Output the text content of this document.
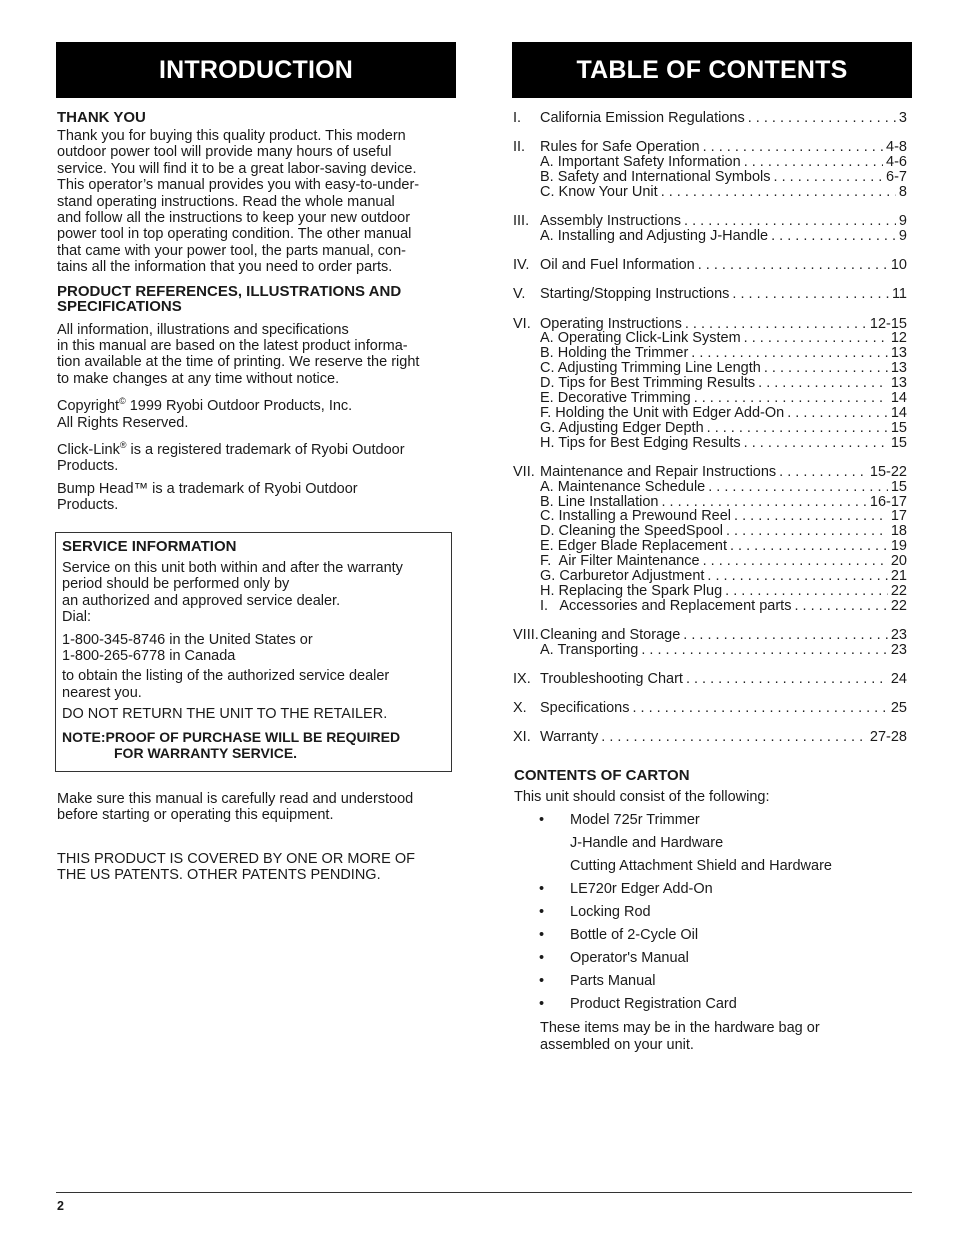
INTRODUCTION	TABLE OF CONTENTS
THANK YOU
Thank you for buying this quality product. This modern
outdoor power tool will provide many hours of useful
service. You will find it to be a great labor-saving device.
This operator’s manual provides you with easy-to-under-
stand operating instructions. Read the whole manual
and follow all the instructions to keep your new outdoor
power tool in top operating condition. The other manual
that came with your power tool, the parts manual, con-
tains all the information that you need to order parts.
PRODUCT REFERENCES, ILLUSTRATIONS AND
SPECIFICATIONS
All information, illustrations and specifications
in this manual are based on the latest product informa-
tion available at the time of printing. We reserve the right
to make changes at any time without notice.
Copyright© 1999 Ryobi Outdoor Products, Inc.
All Rights Reserved.
Click-Link® is a registered trademark of Ryobi Outdoor
Products.
Bump Head™ is a trademark of Ryobi Outdoor
Products.
SERVICE INFORMATION
Service on this unit both within and after the warranty
period should be performed only by
an authorized and approved service dealer.
Dial:
1-800-345-8746 in the United States or
1-800-265-6778 in Canada
to obtain the listing of the authorized service dealer
nearest you.
DO NOT RETURN THE UNIT TO THE RETAILER.
NOTE:PROOF OF PURCHASE WILL BE REQUIRED
FOR WARRANTY SERVICE.
Make sure this manual is carefully read and understood
before starting or operating this equipment.
THIS PRODUCT IS COVERED BY ONE OR MORE OF
THE US PATENTS. OTHER PATENTS PENDING.
I.	California Emission Regulations . . .	3
II.	Rules for Safe Operation . . .	4-8
A. Important Safety Information . . .	4-6
B. Safety and International Symbols . . .	6-7
C. Know Your Unit . . .	8
III. Assembly Instructions . . .	9
A. Installing and Adjusting J-Handle . . .	9
IV. Oil and Fuel Information . . .	10
V.	Starting/Stopping Instructions . . .	11
VI. Operating Instructions . . .	12-15
A. Operating Click-Link System . . .	12
B. Holding the Trimmer . . .	13
C. Adjusting Trimming Line Length . . .	13
D. Tips for Best Trimming Results . . .	13
E. Decorative Trimming . . .	14
F. Holding the Unit with Edger Add-On . . .	14
G. Adjusting Edger Depth . . .	15
H. Tips for Best Edging Results . . .	15
VII. Maintenance and Repair Instructions . . .	15-22
A. Maintenance Schedule . . .	15
B. Line Installation . . .	16-17
C. Installing a Prewound Reel . . .	17
D. Cleaning the SpeedSpool . . .	18
E. Edger Blade Replacement . . .	19
F.  Air Filter Maintenance . . .	20
G. Carburetor Adjustment . . .	21
H. Replacing the Spark Plug . . .	22
I.   Accessories and Replacement parts . . .	22
VIII. Cleaning and Storage . . .	23
A. Transporting . . .	23
IX. Troubleshooting Chart . . .	24
X. Specifications . . .	25
XI. Warranty . . .	27-28
CONTENTS OF CARTON
This unit should consist of the following:
• Model 725r Trimmer
J-Handle and Hardware
Cutting Attachment Shield and Hardware
• LE720r Edger Add-On
• Locking Rod
• Bottle of 2-Cycle Oil
• Operator's Manual
• Parts Manual
• Product Registration Card
These items may be in the hardware bag or
assembled on your unit.
2
